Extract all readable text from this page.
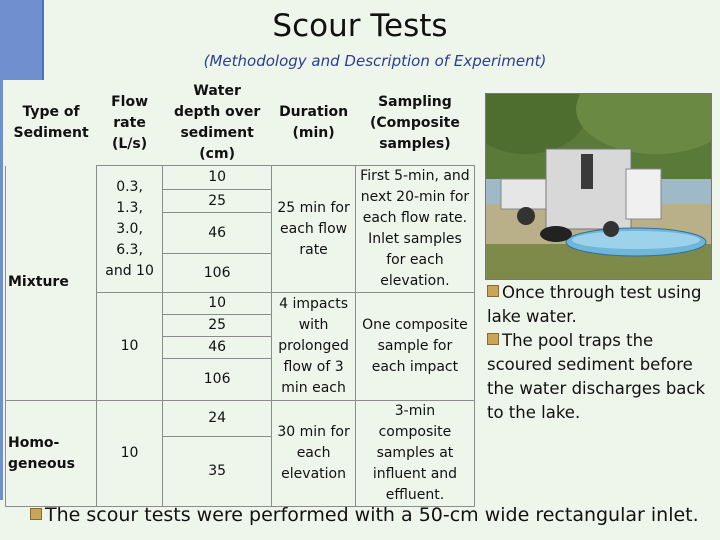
Scour Tests
(Methodology and Description of Experiment)
Type of Sediment	Flow rate (L/s)	Water depth over sediment (cm)	Duration (min)	Sampling (Composite samples)
Mixture	0.3, 1.3, 3.0, 6.3, and 10	10	25 min for each flow rate	First 5-min, and next 20-min for each flow rate. Inlet samples for each elevation.
		25		
		46		
		106		
	10	10	4 impacts with prolonged flow of 3 min each	One composite sample for each impact
		25		
		46		
		106		
Homo- geneous	10	24	30 min for each elevation	3-min composite samples at influent and effluent.
		35		
Once through test using lake water.
The pool traps the scoured sediment before the water discharges back to the lake.
The scour tests were performed with a 50-cm wide rectangular inlet.
